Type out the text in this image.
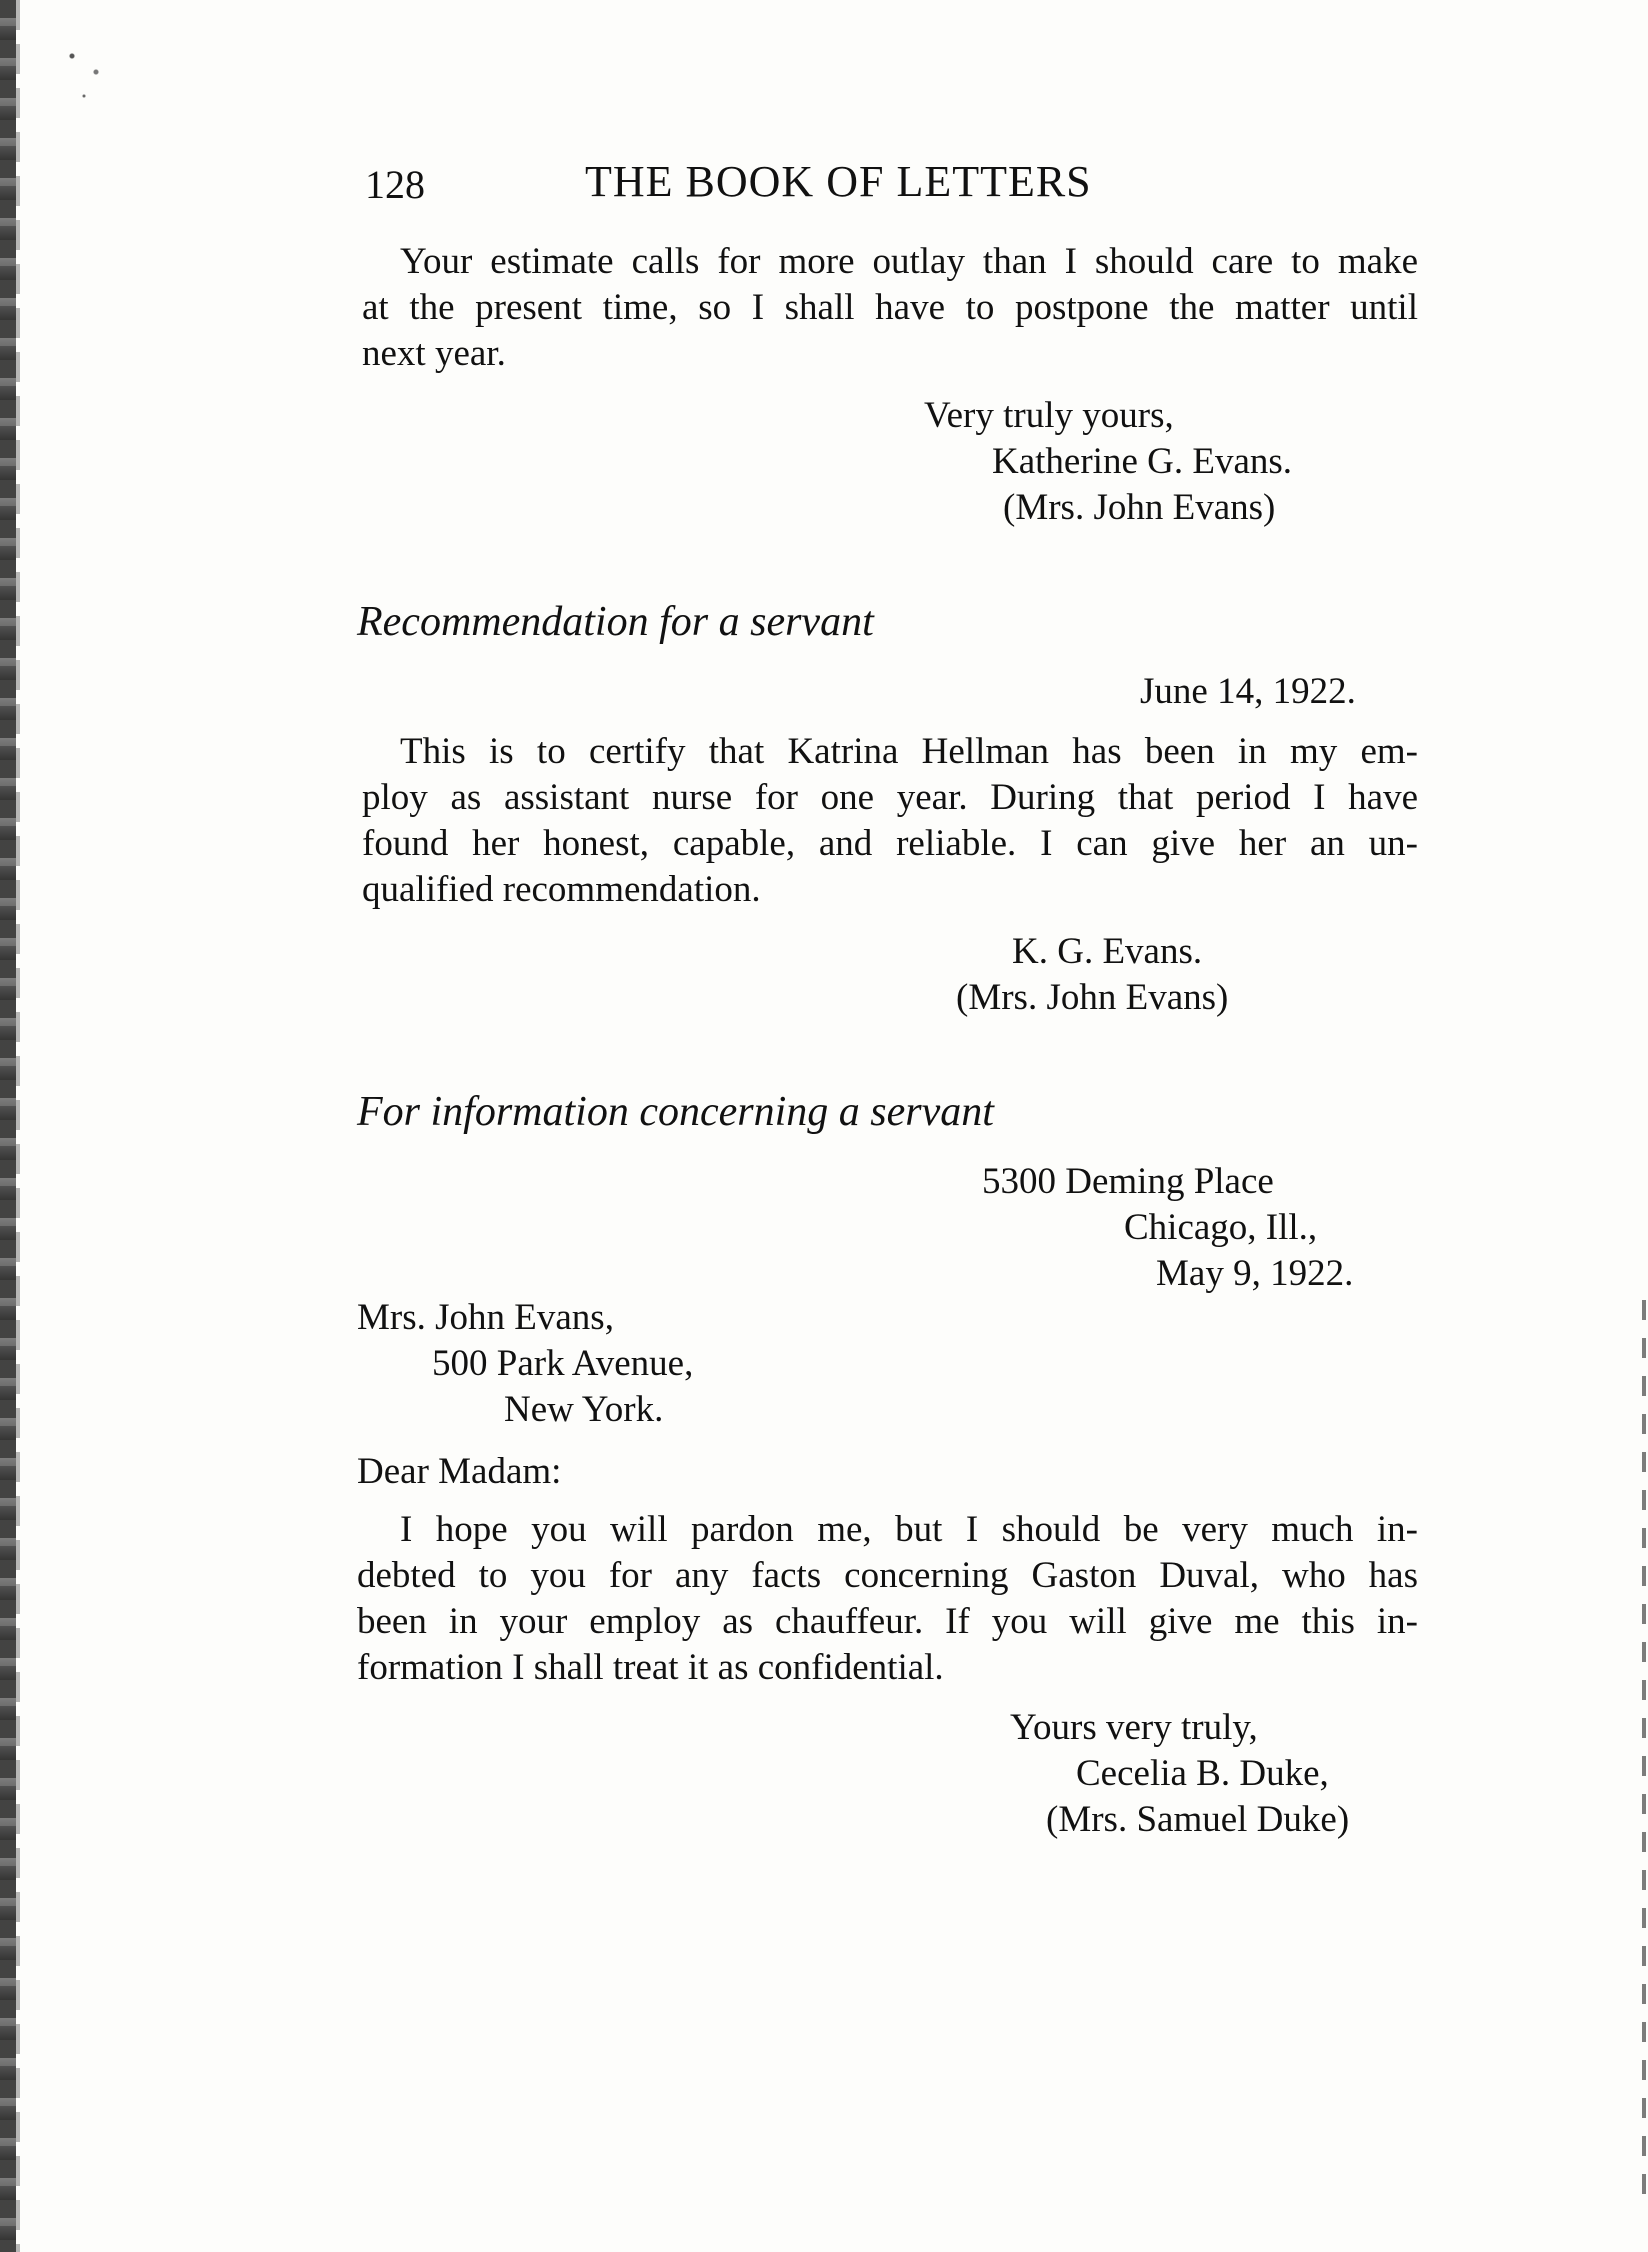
128	THE BOOK OF LETTERS
Your estimate calls for more outlay than I should care to make
at the present time, so I shall have to postpone the matter until
next year.
Very truly yours,
Katherine G. Evans.
(Mrs. John Evans)
Recommendation for a servant
June 14, 1922.
This is to certify that Katrina Hellman has been in my em-
ploy as assistant nurse for one year. During that period I have
found her honest, capable, and reliable. I can give her an un-
qualified recommendation.
K. G. Evans.
(Mrs. John Evans)
For information concerning a servant
5300 Deming Place
Chicago, Ill.,
May 9, 1922.
Mrs. John Evans,
500 Park Avenue,
New York.
Dear Madam:
I hope you will pardon me, but I should be very much in-
debted to you for any facts concerning Gaston Duval, who has
been in your employ as chauffeur. If you will give me this in-
formation I shall treat it as confidential.
Yours very truly,
Cecelia B. Duke,
(Mrs. Samuel Duke)
